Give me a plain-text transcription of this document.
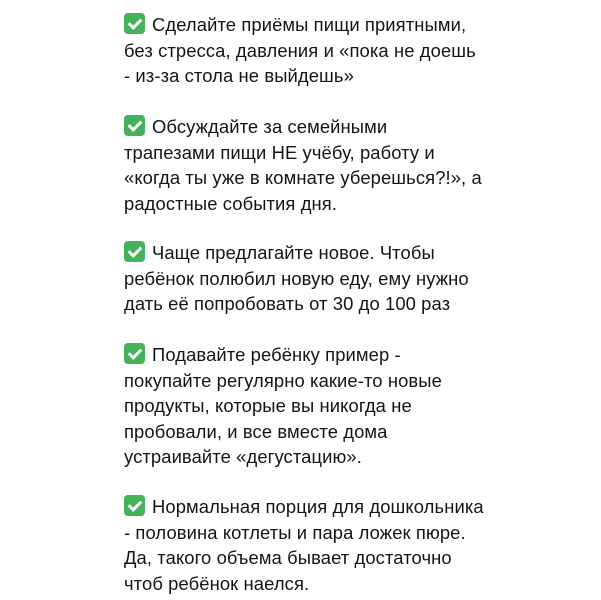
Сделайте приёмы пищи приятными,
без стресса, давления и «пока не доешь
- из-за стола не выйдешь»
Обсуждайте за семейными
трапезами пищи НЕ учёбу, работу и
«когда ты уже в комнате уберешься?!», а
радостные события дня.
Чаще предлагайте новое. Чтобы
ребёнок полюбил новую еду, ему нужно
дать её попробовать от 30 до 100 раз
Подавайте ребёнку пример -
покупайте регулярно какие-то новые
продукты, которые вы никогда не
пробовали, и все вместе дома
устраивайте «дегустацию».
Нормальная порция для дошкольника
- половина котлеты и пара ложек пюре.
Да, такого объема бывает достаточно
чтоб ребёнок наелся.
